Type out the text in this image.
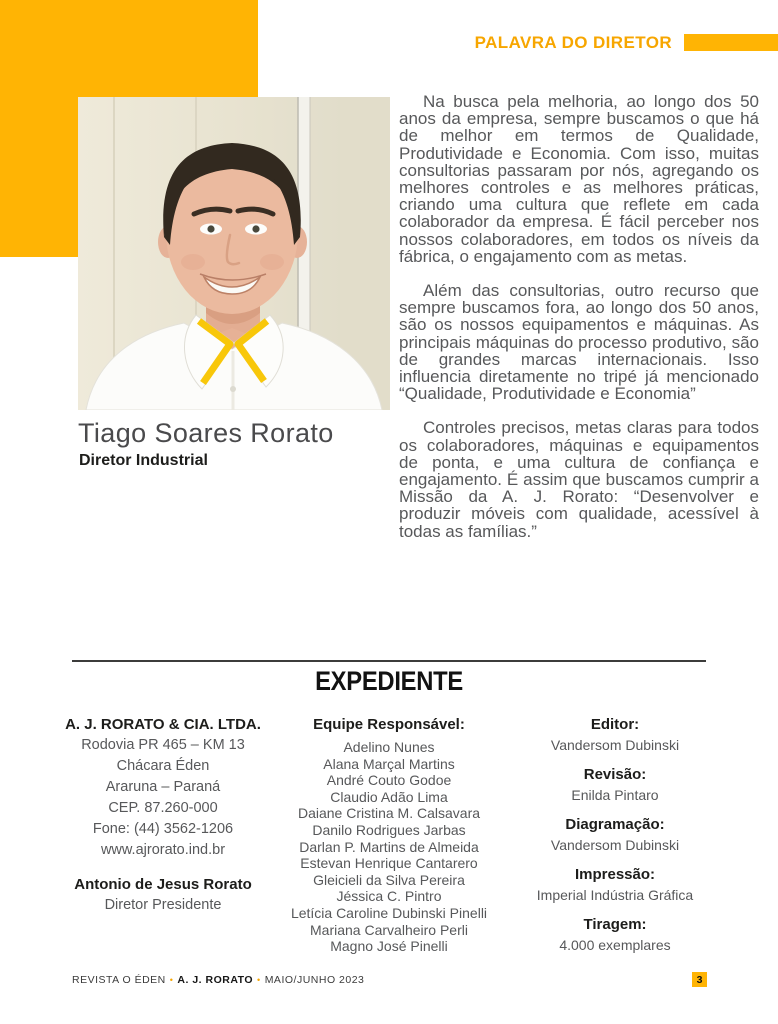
PALAVRA DO DIRETOR
Tiago Soares Rorato
Diretor Industrial

Na busca pela melhoria, ao longo dos 50 anos da empresa, sempre buscamos o que há de melhor em termos de Qualidade, Produtividade e Economia. Com isso, muitas consultorias passaram por nós, agregando os melhores controles e as melhores práticas, criando uma cultura que reflete em cada colaborador da empresa. É fácil perceber nos nossos colaboradores, em todos os níveis da fábrica, o engajamento com as metas.

Além das consultorias, outro recurso que sempre buscamos fora, ao longo dos 50 anos, são os nossos equipamentos e máquinas. As principais máquinas do processo produtivo, são de grandes marcas internacionais. Isso influencia diretamente no tripé já mencionado “Qualidade, Produtividade e Economia”

Controles precisos, metas claras para todos os colaboradores, máquinas e equipamentos de ponta, e uma cultura de confiança e engajamento. É assim que buscamos cumprir a Missão da A. J. Rorato: “Desenvolver e produzir móveis com qualidade, acessível à todas as famílias.”

EXPEDIENTE
A. J. RORATO & CIA. LTDA.
Rodovia PR 465 – KM 13
Chácara Éden
Araruna – Paraná
CEP. 87.260-000
Fone: (44) 3562-1206
www.ajrorato.ind.br
Antonio de Jesus Rorato
Diretor Presidente
Equipe Responsável:
Adelino Nunes
Alana Marçal Martins
André Couto Godoe
Claudio Adão Lima
Daiane Cristina M. Calsavara
Danilo Rodrigues Jarbas
Darlan P. Martins de Almeida
Estevan Henrique Cantarero
Gleicieli da Silva Pereira
Jéssica C. Pintro
Letícia Caroline Dubinski Pinelli
Mariana Carvalheiro Perli
Magno José Pinelli
Editor:
Vandersom Dubinski
Revisão:
Enilda Pintaro
Diagramação:
Vandersom Dubinski
Impressão:
Imperial Indústria Gráfica
Tiragem:
4.000 exemplares
REVISTA O ÉDEN • A. J. RORATO • MAIO/JUNHO 2023	3
